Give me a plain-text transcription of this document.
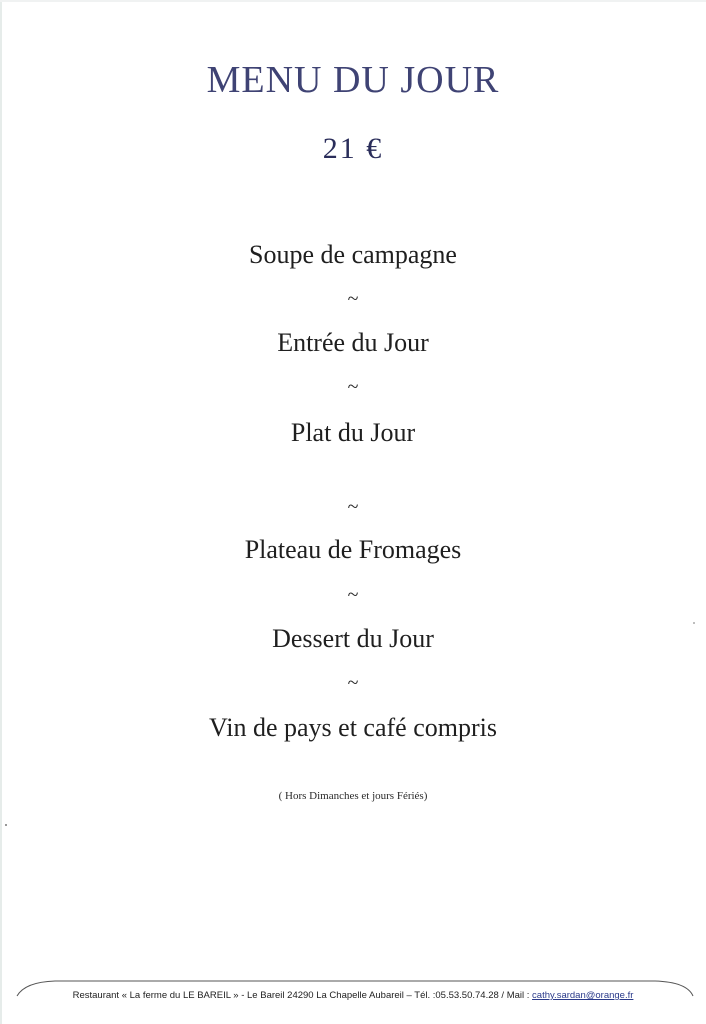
MENU DU JOUR
21 €
Soupe de campagne
~
Entrée du Jour
~
Plat du Jour
~
Plateau de Fromages
~
Dessert du Jour
~
Vin de pays et café compris
( Hors Dimanches et jours Fériés)
Restaurant « La ferme du LE BAREIL » - Le Bareil 24290 La Chapelle Aubareil – Tél. :05.53.50.74.28 / Mail : cathy.sardan@orange.fr
